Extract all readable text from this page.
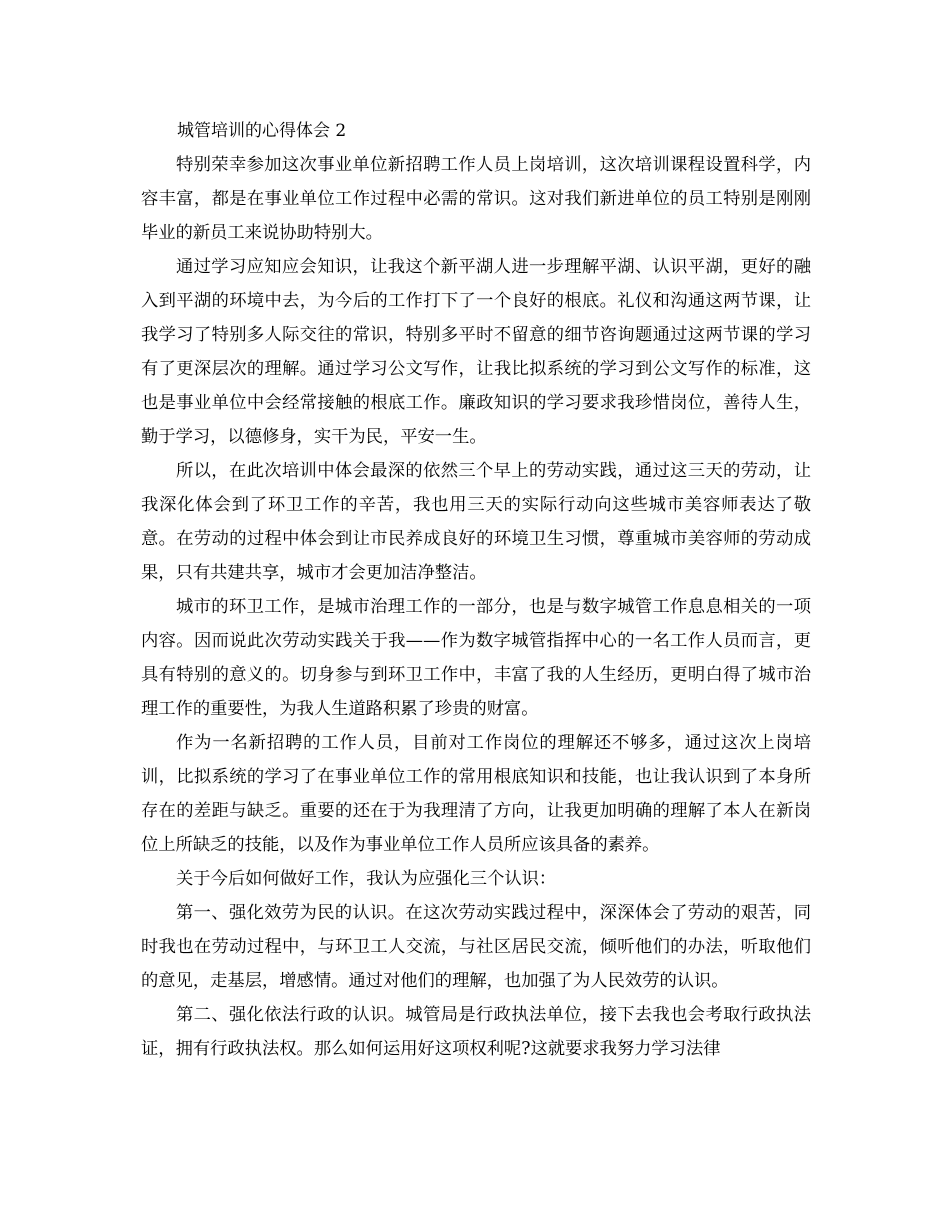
城管培训的心得体会 2

特别荣幸参加这次事业单位新招聘工作人员上岗培训，这次培训课程设置科学，内容丰富，都是在事业单位工作过程中必需的常识。这对我们新进单位的员工特别是刚刚毕业的新员工来说协助特别大。

通过学习应知应会知识，让我这个新平湖人进一步理解平湖、认识平湖，更好的融入到平湖的环境中去，为今后的工作打下了一个良好的根底。礼仪和沟通这两节课，让我学习了特别多人际交往的常识，特别多平时不留意的细节咨询题通过这两节课的学习有了更深层次的理解。通过学习公文写作，让我比拟系统的学习到公文写作的标准，这也是事业单位中会经常接触的根底工作。廉政知识的学习要求我珍惜岗位，善待人生，勤于学习，以德修身，实干为民，平安一生。

所以，在此次培训中体会最深的依然三个早上的劳动实践，通过这三天的劳动，让我深化体会到了环卫工作的辛苦，我也用三天的实际行动向这些城市美容师表达了敬意。在劳动的过程中体会到让市民养成良好的环境卫生习惯，尊重城市美容师的劳动成果，只有共建共享，城市才会更加洁净整洁。

城市的环卫工作，是城市治理工作的一部分，也是与数字城管工作息息相关的一项内容。因而说此次劳动实践关于我——作为数字城管指挥中心的一名工作人员而言，更具有特别的意义的。切身参与到环卫工作中，丰富了我的人生经历，更明白得了城市治理工作的重要性，为我人生道路积累了珍贵的财富。

作为一名新招聘的工作人员，目前对工作岗位的理解还不够多，通过这次上岗培训，比拟系统的学习了在事业单位工作的常用根底知识和技能，也让我认识到了本身所存在的差距与缺乏。重要的还在于为我理清了方向，让我更加明确的理解了本人在新岗位上所缺乏的技能，以及作为事业单位工作人员所应该具备的素养。

关于今后如何做好工作，我认为应强化三个认识：

第一、强化效劳为民的认识。在这次劳动实践过程中，深深体会了劳动的艰苦，同时我也在劳动过程中，与环卫工人交流，与社区居民交流，倾听他们的办法，听取他们的意见，走基层，增感情。通过对他们的理解，也加强了为人民效劳的认识。

第二、强化依法行政的认识。城管局是行政执法单位，接下去我也会考取行政执法证，拥有行政执法权。那么如何运用好这项权利呢?这就要求我努力学习法律
